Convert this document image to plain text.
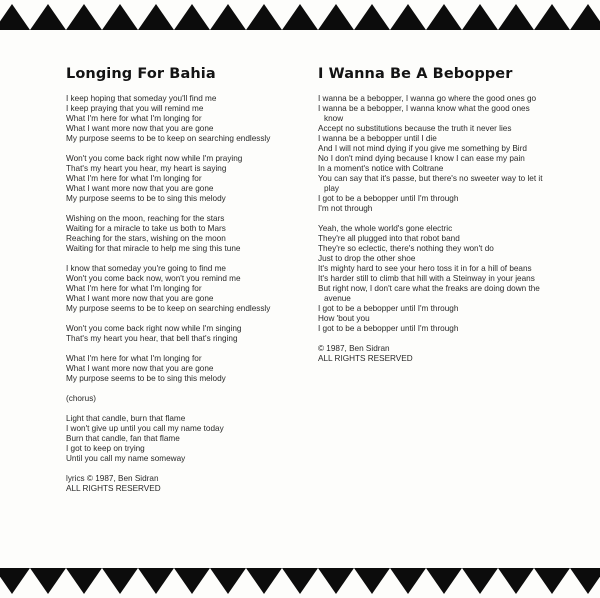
Longing For Bahia
I keep hoping that someday you'll find me
I keep praying that you will remind me
What I'm here for what I'm longing for
What I want more now that you are gone
My purpose seems to be to keep on searching endlessly
Won't you come back right now while I'm praying
That's my heart you hear, my heart is saying
What I'm here for what I'm longing for
What I want more now that you are gone
My purpose seems to be to sing this melody
Wishing on the moon, reaching for the stars
Waiting for a miracle to take us both to Mars
Reaching for the stars, wishing on the moon
Waiting for that miracle to help me sing this tune
I know that someday you're going to find me
Won't you come back now, won't you remind me
What I'm here for what I'm longing for
What I want more now that you are gone
My purpose seems to be to keep on searching endlessly
Won't you come back right now while I'm singing
That's my heart you hear, that bell that's ringing
What I'm here for what I'm longing for
What I want more now that you are gone
My purpose seems to be to sing this melody
(chorus)
Light that candle, burn that flame
I won't give up until you call my name today
Burn that candle, fan that flame
I got to keep on trying
Until you call my name someway
lyrics © 1987, Ben Sidran
ALL RIGHTS RESERVED
I Wanna Be A Bebopper
I wanna be a bebopper, I wanna go where the good ones go
I wanna be a bebopper, I wanna know what the good ones
know
Accept no substitutions because the truth it never lies
I wanna be a bebopper until I die
And I will not mind dying if you give me something by Bird
No I don't mind dying because I know I can ease my pain
In a moment's notice with Coltrane
You can say that it's passe, but there's no sweeter way to let it
play
I got to be a bebopper until I'm through
I'm not through
Yeah, the whole world's gone electric
They're all plugged into that robot band
They're so eclectic, there's nothing they won't do
Just to drop the other shoe
It's mighty hard to see your hero toss it in for a hill of beans
It's harder still to climb that hill with a Steinway in your jeans
But right now, I don't care what the freaks are doing down the
avenue
I got to be a bebopper until I'm through
How 'bout you
I got to be a bebopper until I'm through
© 1987, Ben Sidran
ALL RIGHTS RESERVED
